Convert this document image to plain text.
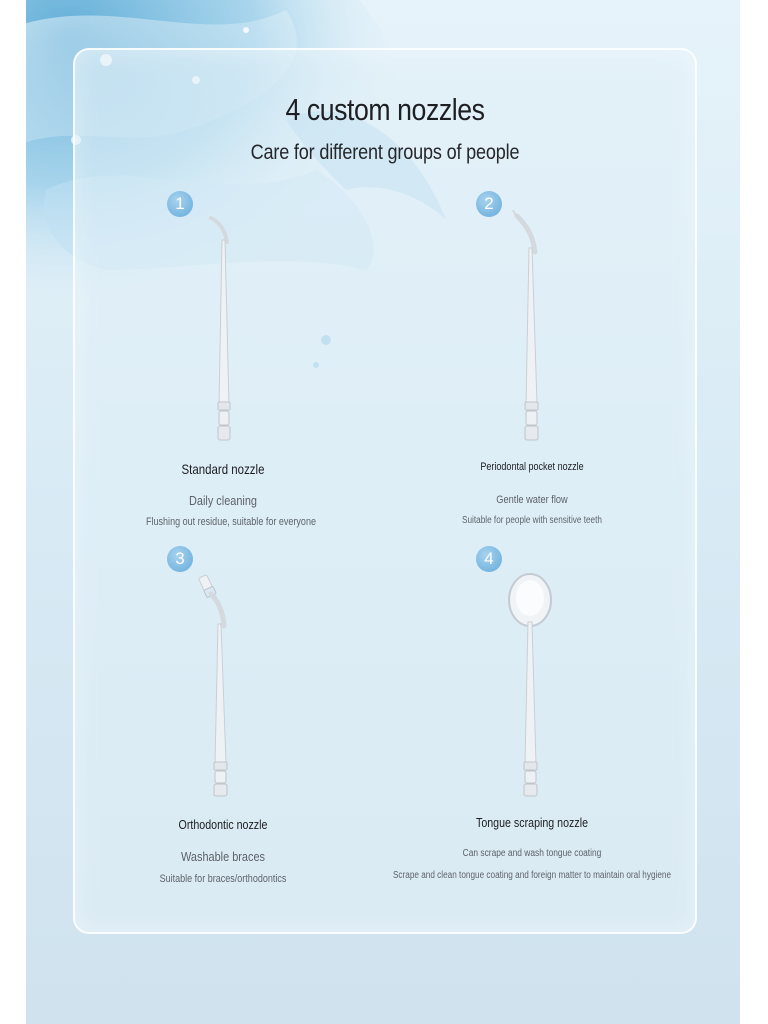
4 custom nozzles
Care for different groups of people
1
Standard nozzle
Daily cleaning
Flushing out residue, suitable for everyone
2
Periodontal pocket nozzle
Gentle water flow
Suitable for people with sensitive teeth
3
Orthodontic nozzle
Washable braces
Suitable for braces/orthodontics
4
Tongue scraping nozzle
Can scrape and wash tongue coating
Scrape and clean tongue coating and foreign matter to maintain oral hygiene
